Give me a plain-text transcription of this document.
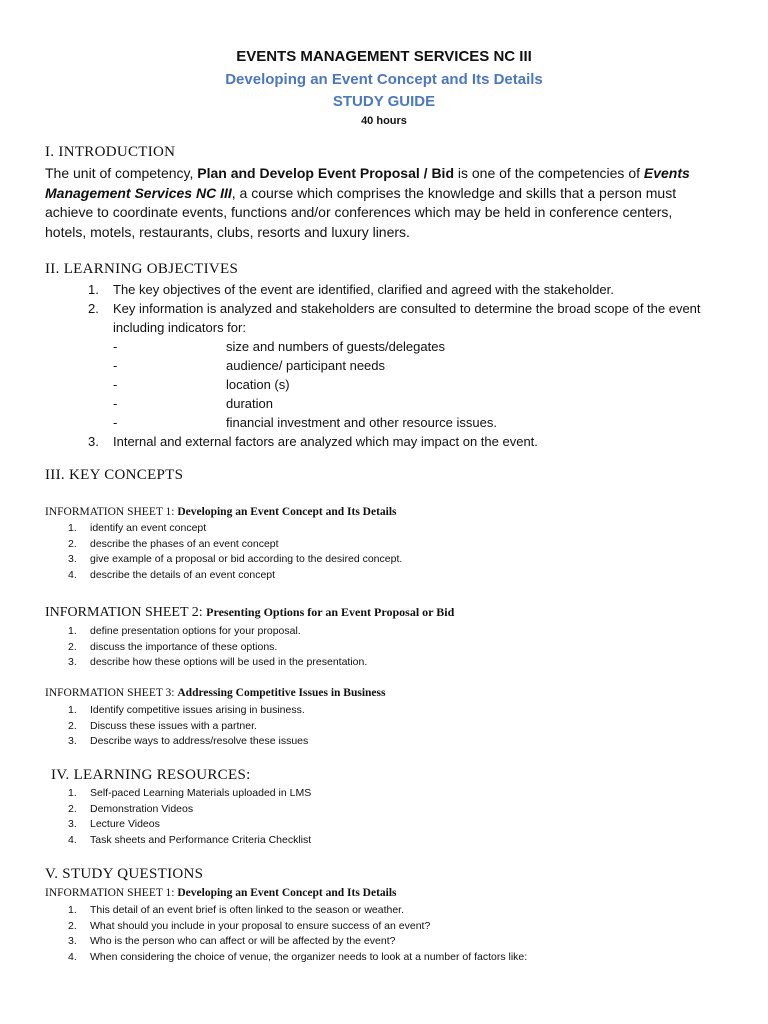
EVENTS MANAGEMENT SERVICES NC III
Developing an Event Concept and Its Details
STUDY GUIDE
40 hours
I. INTRODUCTION
The unit of competency, Plan and Develop Event Proposal / Bid is one of the competencies of Events Management Services NC III, a course which comprises the knowledge and skills that a person must achieve to coordinate events, functions and/or conferences which may be held in conference centers, hotels, motels, restaurants, clubs, resorts and luxury liners.
II. LEARNING OBJECTIVES
1. The key objectives of the event are identified, clarified and agreed with the stakeholder.
2. Key information is analyzed and stakeholders are consulted to determine the broad scope of the event including indicators for:
-	size and numbers of guests/delegates
-	audience/ participant needs
-	location (s)
-	duration
-	financial investment and other resource issues.
3. Internal and external factors are analyzed which may impact on the event.
III. KEY CONCEPTS
INFORMATION SHEET 1: Developing an Event Concept and Its Details
1. identify an event concept
2. describe the phases of an event concept
3. give example of a proposal or bid according to the desired concept.
4. describe the details of an event concept
INFORMATION SHEET 2: Presenting Options for an Event Proposal or Bid
1. define presentation options for your proposal.
2. discuss the importance of these options.
3. describe how these options will be used in the presentation.
INFORMATION SHEET 3: Addressing Competitive Issues in Business
1. Identify competitive issues arising in business.
2. Discuss these issues with a partner.
3. Describe ways to address/resolve these issues
IV. LEARNING RESOURCES:
1. Self-paced Learning Materials uploaded in LMS
2. Demonstration Videos
3. Lecture Videos
4. Task sheets and Performance Criteria Checklist
V. STUDY QUESTIONS
INFORMATION SHEET 1: Developing an Event Concept and Its Details
1. This detail of an event brief is often linked to the season or weather.
2. What should you include in your proposal to ensure success of an event?
3. Who is the person who can affect or will be affected by the event?
4. When considering the choice of venue, the organizer needs to look at a number of factors like:
